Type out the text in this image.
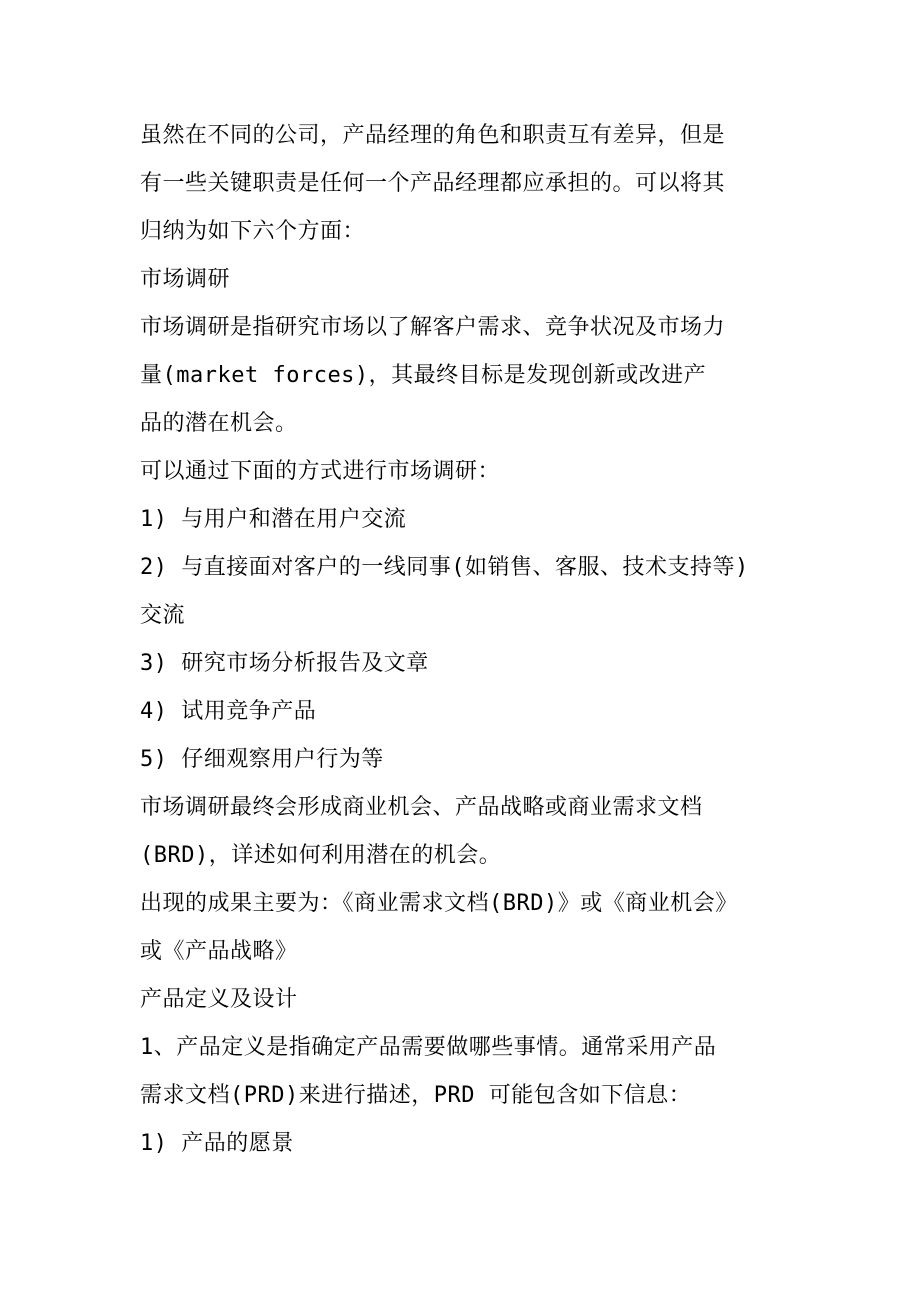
虽然在不同的公司，产品经理的角色和职责互有差异，但是

有一些关键职责是任何一个产品经理都应承担的。可以将其

归纳为如下六个方面：

市场调研

市场调研是指研究市场以了解客户需求、竞争状况及市场力

量(market forces)，其最终目标是发现创新或改进产

品的潜在机会。

可以通过下面的方式进行市场调研：

1) 与用户和潜在用户交流

2) 与直接面对客户的一线同事(如销售、客服、技术支持等)

交流

3) 研究市场分析报告及文章

4) 试用竞争产品

5) 仔细观察用户行为等

市场调研最终会形成商业机会、产品战略或商业需求文档

(BRD)，详述如何利用潜在的机会。

出现的成果主要为：《商业需求文档(BRD)》或《商业机会》

或《产品战略》

产品定义及设计

1、产品定义是指确定产品需要做哪些事情。通常采用产品

需求文档(PRD)来进行描述，PRD 可能包含如下信息：

1) 产品的愿景
